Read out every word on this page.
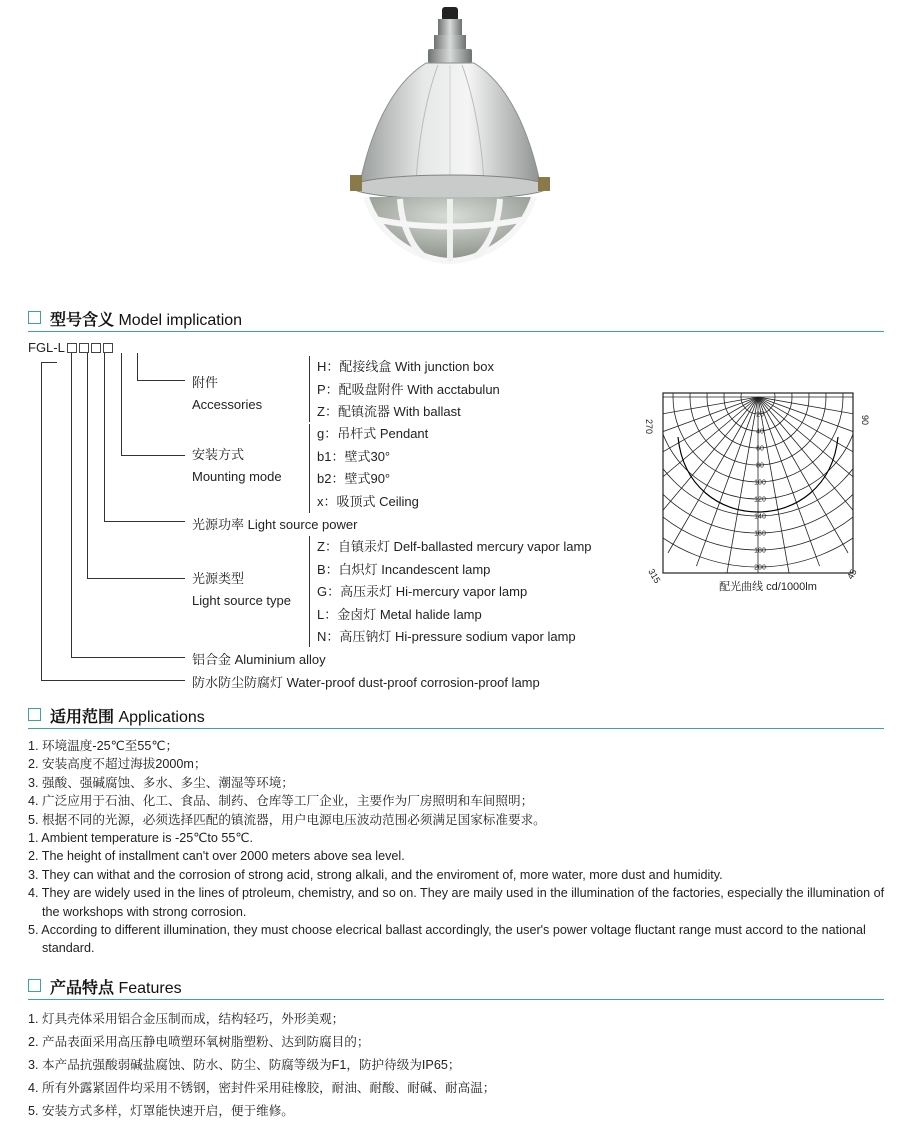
型号含义 Model implication
FGL-L
附件
Accessories
H：配接线盒 With junction box
P：配吸盘附件 With acctabulun
Z：配镇流器 With ballast
安装方式
Mounting mode
g：吊杆式 Pendant
b1：壁式30°
b2：壁式90°
x：吸顶式 Ceiling
光源功率 Light source power
光源类型
Light source type
Z：自镇汞灯 Delf-ballasted mercury vapor lamp
B：白炽灯 Incandescent lamp
G：高压汞灯 Hi-mercury vapor lamp
L：金卤灯 Metal halide lamp
N：高压钠灯 Hi-pressure sodium vapor lamp
铝合金 Aluminium alloy
防水防尘防腐灯 Water-proof dust-proof corrosion-proof lamp
20
40
60
80
100
120
140
160
180
200
270	90
315	45
配光曲线 cd/1000lm
适用范围 Applications
1. 环境温度-25℃至55℃；
2. 安装高度不超过海拔2000m；
3. 强酸、强碱腐蚀、多水、多尘、潮湿等环境；
4. 广泛应用于石油、化工、食品、制药、仓库等工厂企业，主要作为厂房照明和车间照明；
5. 根据不同的光源，必须选择匹配的镇流器，用户电源电压波动范围必须满足国家标准要求。
1. Ambient temperature is -25℃to 55℃.
2. The height of installment can't over 2000 meters above sea level.
3. They can withat and the corrosion of strong acid, strong alkali, and the enviroment of, more water, more dust and humidity.
4. They are widely used in the lines of ptroleum, chemistry, and so on. They are maily used in the illumination of the factories, especially the illumination of the workshops with strong corrosion.
5. According to different illumination, they must choose elecrical ballast accordingly, the user's power voltage fluctant range must accord to the national standard.
产品特点 Features
1. 灯具壳体采用铝合金压制而成，结构轻巧，外形美观；
2. 产品表面采用高压静电喷塑环氧树脂塑粉、达到防腐目的；
3. 本产品抗强酸弱碱盐腐蚀、防水、防尘、防腐等级为F1，防护待级为IP65；
4. 所有外露紧固件均采用不锈钢，密封件采用硅橡胶，耐油、耐酸、耐碱、耐高温；
5. 安装方式多样，灯罩能快速开启，便于维修。
